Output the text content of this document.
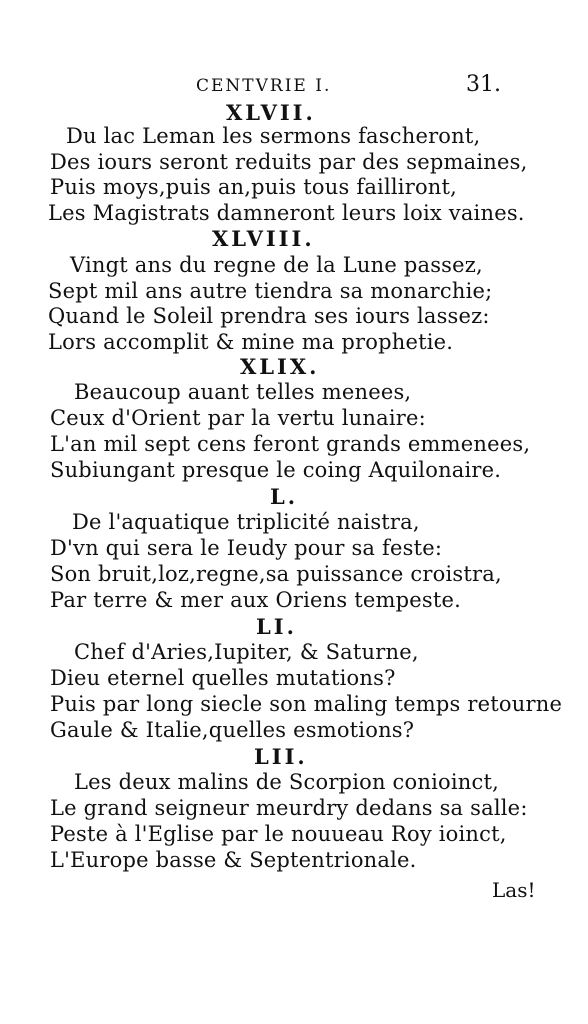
CENTVRIE I.	31.
XLVII.
Du lac Leman les sermons fascheront,
Des iours seront reduits par des sepmaines,
Puis moys,puis an,puis tous failliront,
Les Magistrats damneront leurs loix vaines.
XLVIII.
Vingt ans du regne de la Lune passez,
Sept mil ans autre tiendra sa monarchie;
Quand le Soleil prendra ses iours lassez:
Lors accomplit & mine ma prophetie.
XLIX.
Beaucoup auant telles menees,
Ceux d'Orient par la vertu lunaire:
L'an mil sept cens feront grands emmenees,
Subiungant presque le coing Aquilonaire.
L.
De l'aquatique triplicité naistra,
D'vn qui sera le Ieudy pour sa feste:
Son bruit,loz,regne,sa puissance croistra,
Par terre & mer aux Oriens tempeste.
LI.
Chef d'Aries,Iupiter, & Saturne,
Dieu eternel quelles mutations?
Puis par long siecle son maling temps retourne
Gaule & Italie,quelles esmotions?
LII.
Les deux malins de Scorpion conioinct,
Le grand seigneur meurdry dedans sa salle:
Peste à l'Eglise par le nouueau Roy ioinct,
L'Europe basse & Septentrionale.
Las!
